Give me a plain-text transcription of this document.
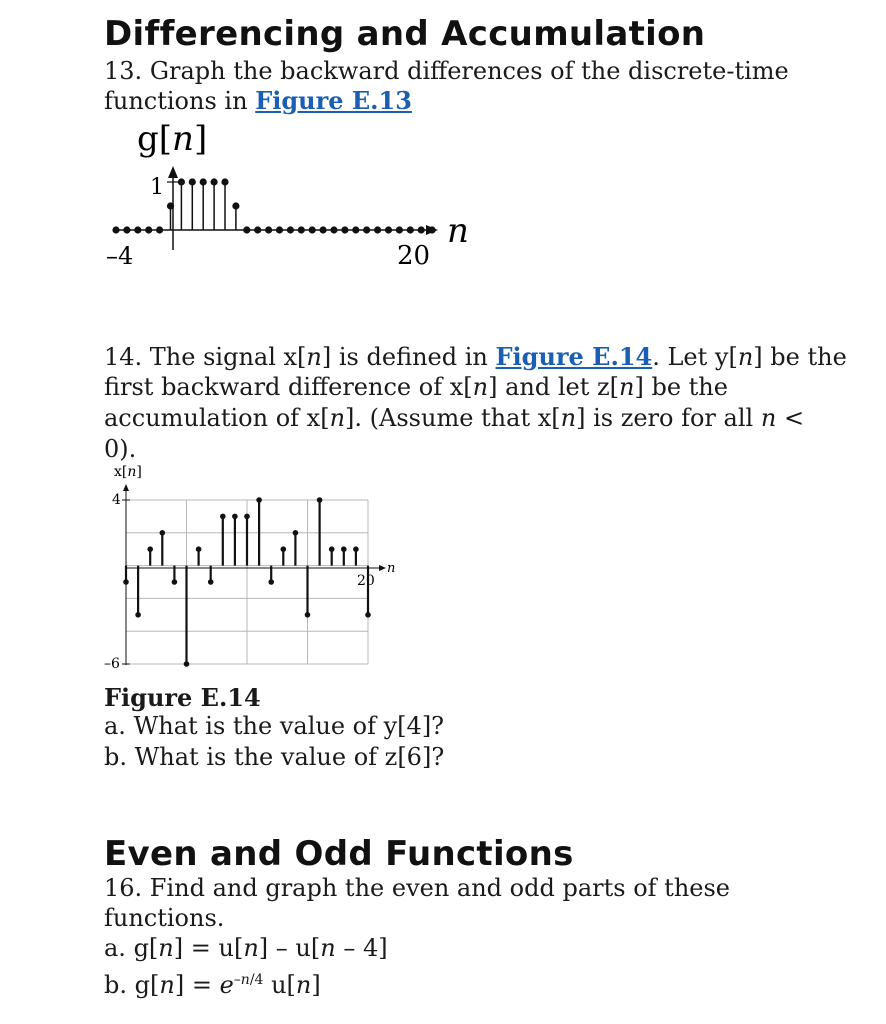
Differencing and Accumulation
13. Graph the backward differences of the discrete-time
functions in Figure E.13
g[n]
1
–4	20
n
14. The signal x[n] is defined in Figure E.14. Let y[n] be the
first backward difference of x[n] and let z[n] be the
accumulation of x[n]. (Assume that x[n] is zero for all n <
0).
x[n]
4
–6
20
n
Figure E.14
a. What is the value of y[4]?
b. What is the value of z[6]?
Even and Odd Functions
16. Find and graph the even and odd parts of these
functions.
a. g[n] = u[n] – u[n – 4]
b. $g[n] = e^{-n/4}$ u[n]
